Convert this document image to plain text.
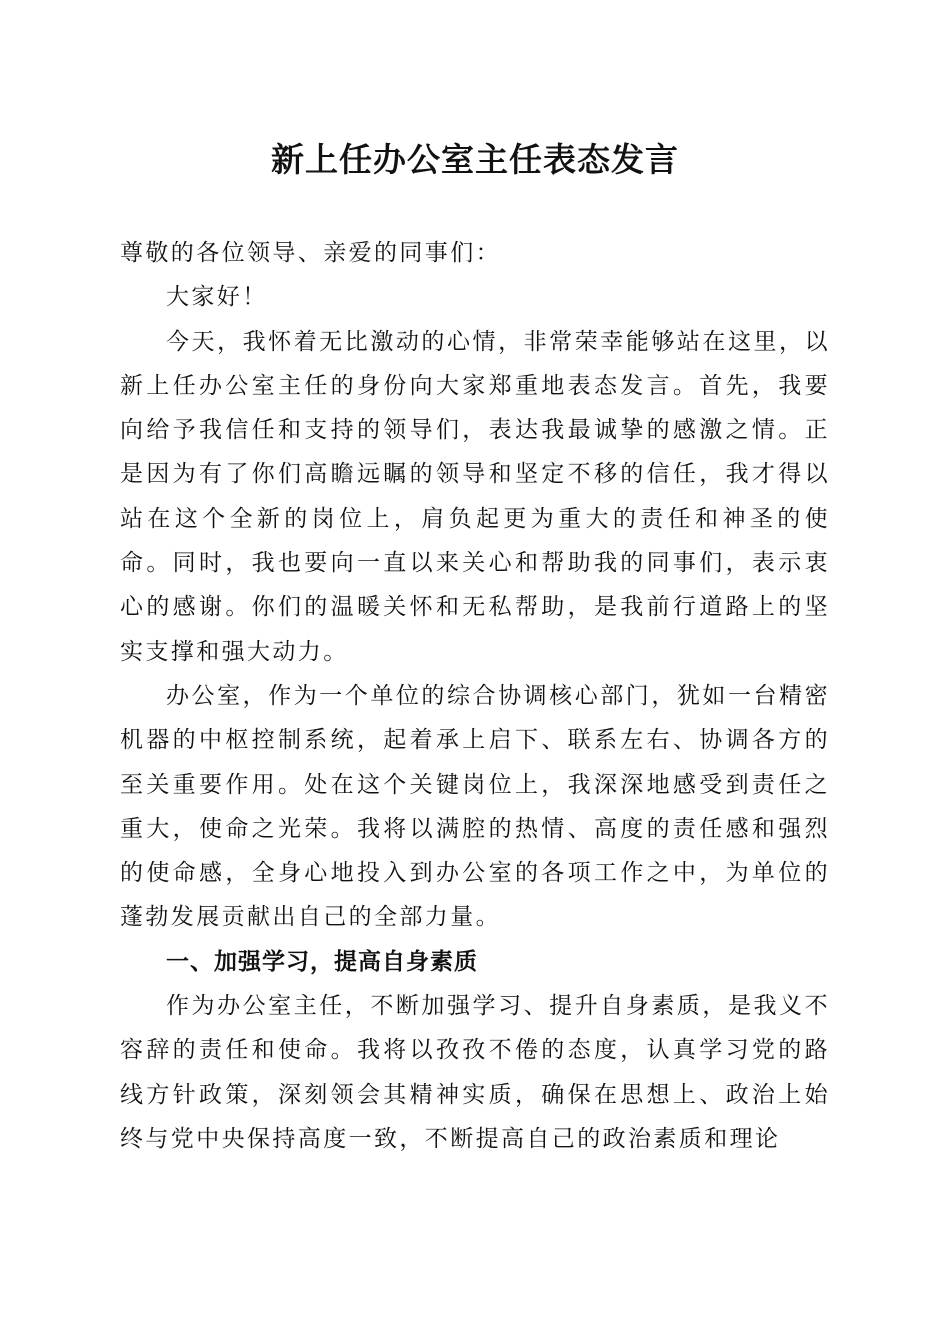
新上任办公室主任表态发言

尊敬的各位领导、亲爱的同事们：

大家好！

今天，我怀着无比激动的心情，非常荣幸能够站在这里，以新上任办公室主任的身份向大家郑重地表态发言。首先，我要向给予我信任和支持的领导们，表达我最诚挚的感激之情。正是因为有了你们高瞻远瞩的领导和坚定不移的信任，我才得以站在这个全新的岗位上，肩负起更为重大的责任和神圣的使命。同时，我也要向一直以来关心和帮助我的同事们，表示衷心的感谢。你们的温暖关怀和无私帮助，是我前行道路上的坚实支撑和强大动力。

办公室，作为一个单位的综合协调核心部门，犹如一台精密机器的中枢控制系统，起着承上启下、联系左右、协调各方的至关重要作用。处在这个关键岗位上，我深深地感受到责任之重大，使命之光荣。我将以满腔的热情、高度的责任感和强烈的使命感，全身心地投入到办公室的各项工作之中，为单位的蓬勃发展贡献出自己的全部力量。

一、加强学习，提高自身素质

作为办公室主任，不断加强学习、提升自身素质，是我义不容辞的责任和使命。我将以孜孜不倦的态度，认真学习党的路线方针政策，深刻领会其精神实质，确保在思想上、政治上始终与党中央保持高度一致，不断提高自己的政治素质和理论
